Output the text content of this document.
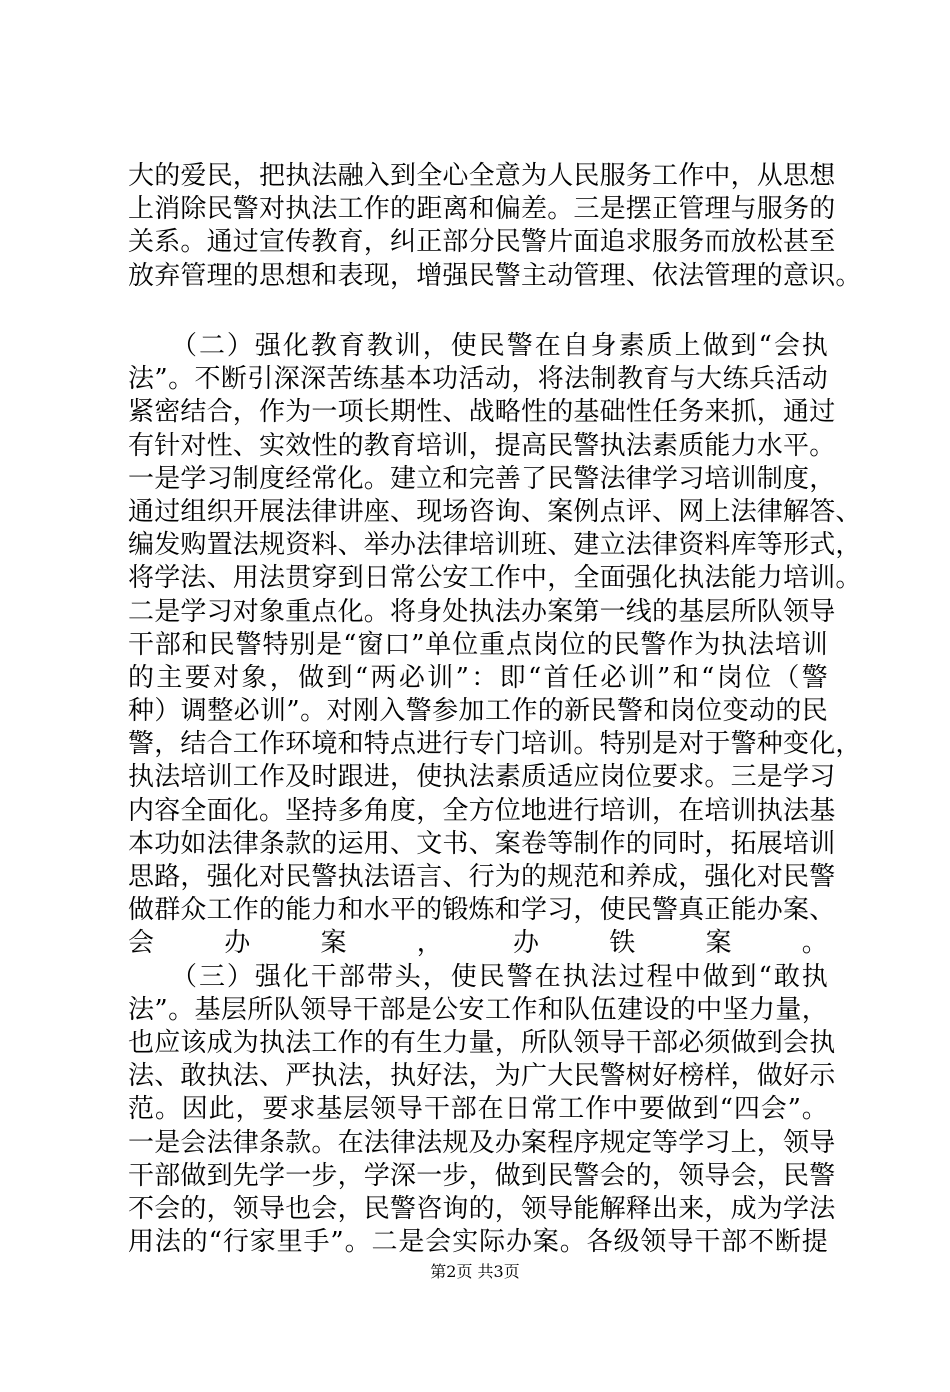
大的爱民，把执法融入到全心全意为人民服务工作中，从思想
上消除民警对执法工作的距离和偏差。三是摆正管理与服务的
关系。通过宣传教育，纠正部分民警片面追求服务而放松甚至
放弃管理的思想和表现，增强民警主动管理、依法管理的意识。
　　（二）强化教育教训，使民警在自身素质上做到“会执
法”。不断引深深苦练基本功活动，将法制教育与大练兵活动
紧密结合，作为一项长期性、战略性的基础性任务来抓，通过
有针对性、实效性的教育培训，提高民警执法素质能力水平。
一是学习制度经常化。建立和完善了民警法律学习培训制度，
通过组织开展法律讲座、现场咨询、案例点评、网上法律解答、
编发购置法规资料、举办法律培训班、建立法律资料库等形式，
将学法、用法贯穿到日常公安工作中，全面强化执法能力培训。
二是学习对象重点化。将身处执法办案第一线的基层所队领导
干部和民警特别是“窗口”单位重点岗位的民警作为执法培训
的主要对象，做到“两必训”：即“首任必训”和“岗位（警
种）调整必训”。对刚入警参加工作的新民警和岗位变动的民
警，结合工作环境和特点进行专门培训。特别是对于警种变化，
执法培训工作及时跟进，使执法素质适应岗位要求。三是学习
内容全面化。坚持多角度，全方位地进行培训，在培训执法基
本功如法律条款的运用、文书、案卷等制作的同时，拓展培训
思路，强化对民警执法语言、行为的规范和养成，强化对民警
做群众工作的能力和水平的锻炼和学习，使民警真正能办案、
会办案，办铁案。
　　（三）强化干部带头，使民警在执法过程中做到“敢执
法”。基层所队领导干部是公安工作和队伍建设的中坚力量，
也应该成为执法工作的有生力量，所队领导干部必须做到会执
法、敢执法、严执法，执好法，为广大民警树好榜样，做好示
范。因此，要求基层领导干部在日常工作中要做到“四会”。
一是会法律条款。在法律法规及办案程序规定等学习上，领导
干部做到先学一步，学深一步，做到民警会的，领导会，民警
不会的，领导也会，民警咨询的，领导能解释出来，成为学法
用法的“行家里手”。二是会实际办案。各级领导干部不断提
第2页 共3页
